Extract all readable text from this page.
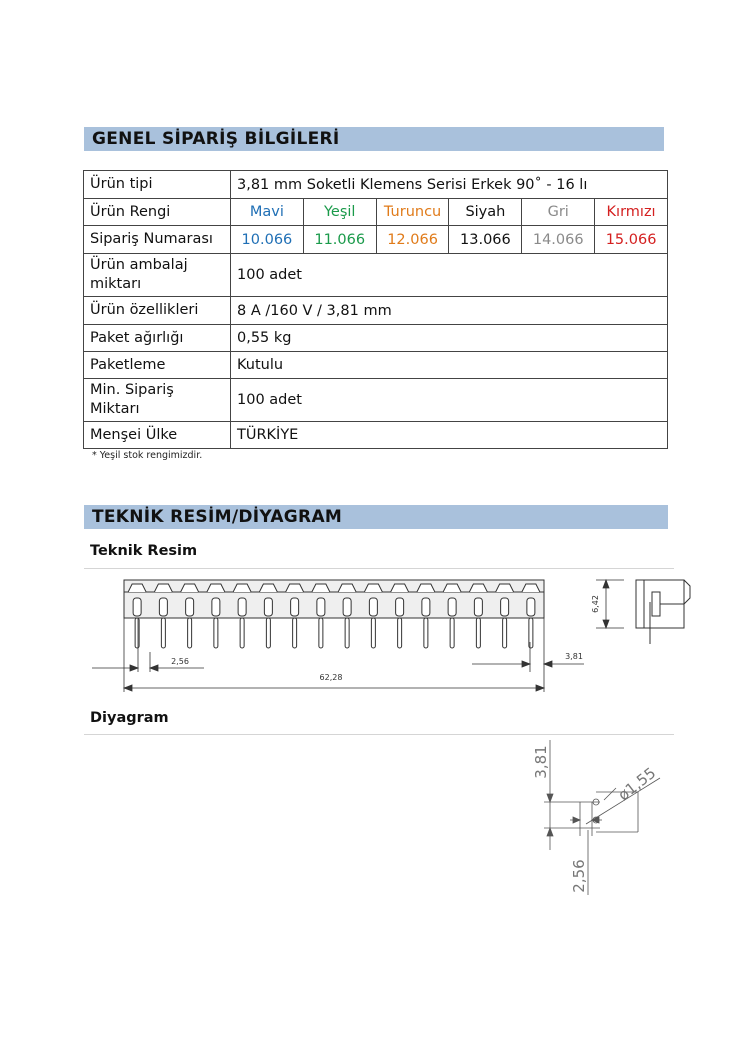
GENEL SİPARİŞ BİLGİLERİ
Ürün tipi	3,81 mm Soketli Klemens Serisi Erkek 90˚ - 16 lı					
Ürün Rengi	Mavi	Yeşil	Turuncu	Siyah	Gri	Kırmızı
Sipariş Numarası	10.066	11.066	12.066	13.066	14.066	15.066
Ürün ambalaj miktarı	100 adet					
Ürün özellikleri	8 A /160 V / 3,81 mm					
Paket ağırlığı	0,55 kg					
Paketleme	Kutulu					
Min. Sipariş Miktarı	100 adet					
Menşei Ülke	TÜRKİYE					
* Yeşil stok rengimizdir.
TEKNİK RESİM/DİYAGRAM
Teknik Resim
2,56
62,28
3,81
6,42
Diyagram
3,81
2,56
ø1,55
